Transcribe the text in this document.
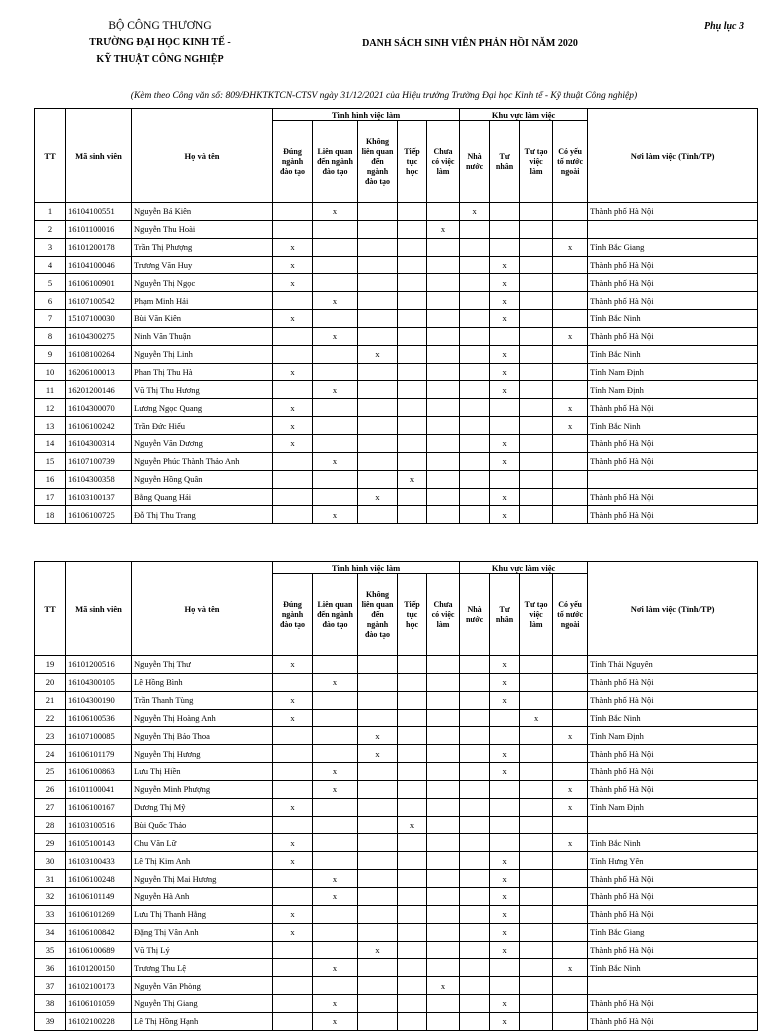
BỘ CÔNG THƯƠNG
TRƯỜNG ĐẠI HỌC KINH TẾ -
KỸ THUẬT CÔNG NGHIỆP
DANH SÁCH SINH VIÊN PHẢN HỒI NĂM 2020
Phụ lục 3
(Kèm theo Công văn số: 809/ĐHKTKTCN-CTSV ngày 31/12/2021 của Hiệu trưởng Trường Đại học Kinh tế - Kỹ thuật Công nghiệp)
TT	Mã sinh viên	Họ và tên	Tình hình việc làm					Khu vực làm việc				Nơi làm việc (Tỉnh/TP)
			Đúng ngành đào tạo	Liên quan đến ngành đào tạo	Không liên quan đến ngành đào tạo	Tiếp tục học	Chưa có việc làm	Nhà nước	Tư nhân	Tư tạo việc làm	Có yếu tố nước ngoài	
1	16104100551	Nguyễn Bá Kiên		x				x				Thành phố Hà Nội
2	16101100016	Nguyễn Thu Hoài					x					
3	16101200178	Trần Thị Phượng	x								x	Tỉnh Bắc Giang
4	16104100046	Trương Văn Huy	x						x			Thành phố Hà Nội
5	16106100901	Nguyễn Thị Ngọc	x						x			Thành phố Hà Nội
6	16107100542	Phạm Minh Hải		x					x			Thành phố Hà Nội
7	15107100030	Bùi Văn Kiên	x						x			Tỉnh Bắc Ninh
8	16104300275	Ninh Văn Thuận		x							x	Thành phố Hà Nội
9	16108100264	Nguyễn Thị Linh			x				x			Tỉnh Bắc Ninh
10	16206100013	Phan Thị Thu Hà	x						x			Tỉnh Nam Định
11	16201200146	Vũ Thị Thu Hương		x					x			Tỉnh Nam Định
12	16104300070	Lương Ngọc Quang	x								x	Thành phố Hà Nội
13	16106100242	Trần Đức Hiếu	x								x	Tỉnh Bắc Ninh
14	16104300314	Nguyễn Văn Dương	x						x			Thành phố Hà Nội
15	16107100739	Nguyễn Phúc Thành Thảo Anh		x					x			Thành phố Hà Nội
16	16104300358	Nguyễn Hồng Quân				x						
17	16103100137	Bằng Quang Hải			x				x			Thành phố Hà Nội
18	16106100725	Đỗ Thị Thu Trang		x					x			Thành phố Hà Nội
TT	Mã sinh viên	Họ và tên	Tình hình việc làm					Khu vực làm việc				Nơi làm việc (Tỉnh/TP)
			Đúng ngành đào tạo	Liên quan đến ngành đào tạo	Không liên quan đến ngành đào tạo	Tiếp tục học	Chưa có việc làm	Nhà nước	Tư nhân	Tư tạo việc làm	Có yếu tố nước ngoài	
19	16101200516	Nguyễn Thị Thư	x						x			Tỉnh Thái Nguyên
20	16104300105	Lê Hồng Bình		x					x			Thành phố Hà Nội
21	16104300190	Trần Thanh Tùng	x						x			Thành phố Hà Nội
22	16106100536	Nguyễn Thị Hoàng Anh	x							x		Tỉnh Bắc Ninh
23	16107100085	Nguyễn Thị Bảo Thoa			x						x	Tỉnh Nam Định
24	16106101179	Nguyễn Thị Hương			x				x			Thành phố Hà Nội
25	16106100863	Lưu Thị Hiền		x					x			Thành phố Hà Nội
26	16101100041	Nguyễn Minh Phượng		x							x	Thành phố Hà Nội
27	16106100167	Dương Thị Mỹ	x								x	Tỉnh Nam Định
28	16103100516	Bùi Quốc Thảo				x						
29	16105100143	Chu Văn Lữ	x								x	Tỉnh Bắc Ninh
30	16103100433	Lê Thị Kim Anh	x						x			Tỉnh Hưng Yên
31	16106100248	Nguyễn Thị Mai Hương		x					x			Thành phố Hà Nội
32	16106101149	Nguyễn Hà Anh		x					x			Thành phố Hà Nội
33	16106101269	Lưu Thị Thanh Hằng	x						x			Thành phố Hà Nội
34	16106100842	Đặng Thị Vân Anh	x						x			Tỉnh Bắc Giang
35	16106100689	Vũ Thị Lý			x				x			Thành phố Hà Nội
36	16101200150	Trương Thu Lệ		x							x	Tỉnh Bắc Ninh
37	16102100173	Nguyễn Văn Phòng					x					
38	16106101059	Nguyễn Thị Giang		x					x			Thành phố Hà Nội
39	16102100228	Lê Thị Hồng Hạnh		x					x			Thành phố Hà Nội
